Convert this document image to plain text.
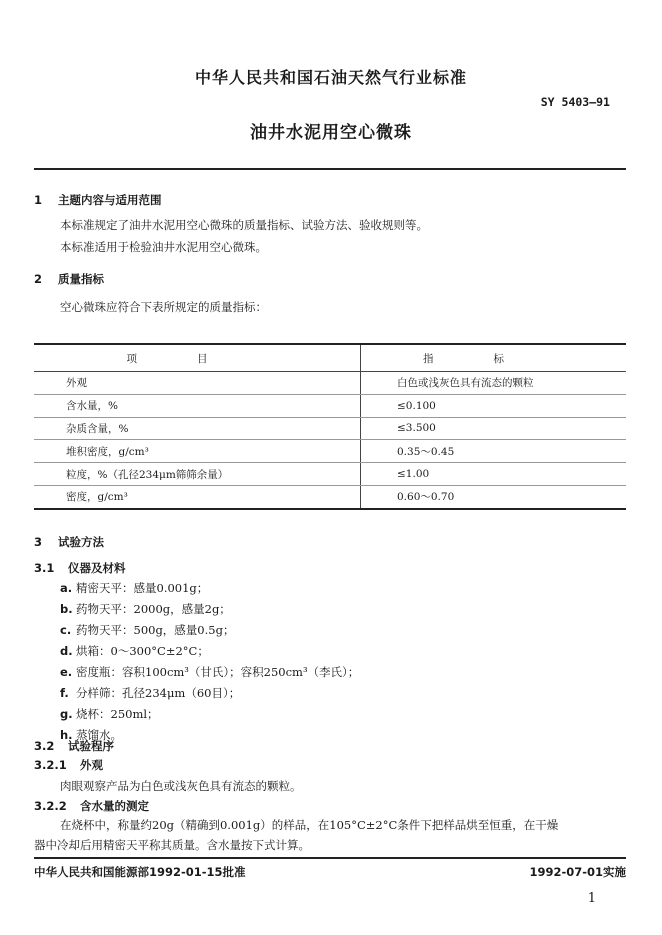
中华人民共和国石油天然气行业标准
SY 5403—91
油井水泥用空心微珠
1 主题内容与适用范围
本标准规定了油井水泥用空心微珠的质量指标、试验方法、验收规则等。
本标准适用于检验油井水泥用空心微珠。
2 质量指标
空心微珠应符合下表所规定的质量指标：
项目	指标
外观	白色或浅灰色具有流态的颗粒
含水量，%	≤0.100
杂质含量，%	≤3.500
堆积密度，g/cm³	0.35～0.45
粒度，%（孔径234μm筛筛余量）	≤1.00
密度，g/cm³	0.60～0.70
3 试验方法
3.1 仪器及材料
a. 精密天平：感量0.001g；
b. 药物天平：2000g，感量2g；
c. 药物天平：500g，感量0.5g；
d. 烘箱：0～300°C±2°C；
e. 密度瓶：容积100cm³（甘氏）；容积250cm³（李氏）；
f. 分样筛：孔径234μm（60目）；
g. 烧杯：250ml；
h. 蒸馏水。
3.2 试验程序
3.2.1 外观
肉眼观察产品为白色或浅灰色具有流态的颗粒。
3.2.2 含水量的测定
在烧杯中，称量约20g（精确到0.001g）的样品，在105°C±2°C条件下把样品烘至恒重，在干燥
器中冷却后用精密天平称其质量。含水量按下式计算。
中华人民共和国能源部1992-01-15批准	1992-07-01实施
1
